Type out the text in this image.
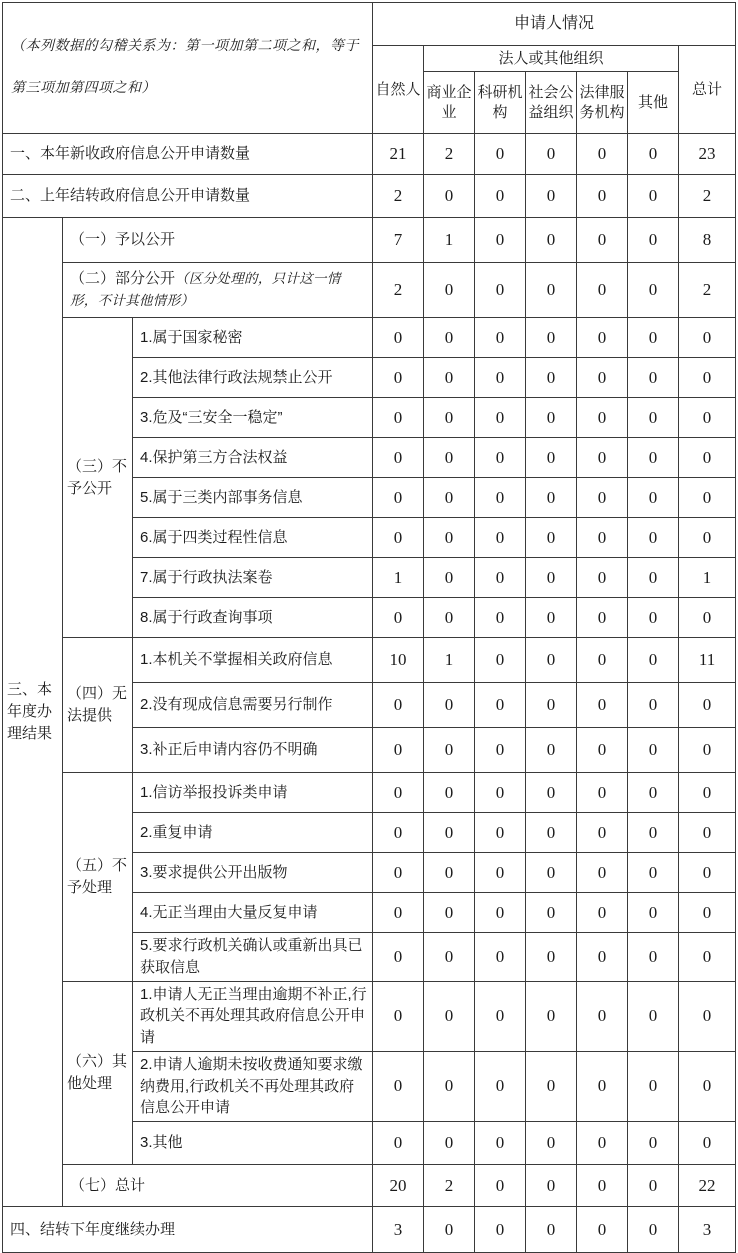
（本列数据的勾稽关系为：第一项加第二项之和，等于第三项加第四项之和）			申请人情况						
			自然人	法人或其他组织					总计
				商业企业	科研机构	社会公益组织	法律服务机构	其他	
一、本年新收政府信息公开申请数量			21	2	0	0	0	0	23
二、上年结转政府信息公开申请数量			2	0	0	0	0	0	2
三、本年度办理结果	（一）予以公开		7	1	0	0	0	0	8
	（二）部分公开（区分处理的，只计这一情形，不计其他情形）		2	0	0	0	0	0	2
	（三）不予公开	1.属于国家秘密	0	0	0	0	0	0	0
		2.其他法律行政法规禁止公开	0	0	0	0	0	0	0
		3.危及“三安全一稳定”	0	0	0	0	0	0	0
		4.保护第三方合法权益	0	0	0	0	0	0	0
		5.属于三类内部事务信息	0	0	0	0	0	0	0
		6.属于四类过程性信息	0	0	0	0	0	0	0
		7.属于行政执法案卷	1	0	0	0	0	0	1
		8.属于行政查询事项	0	0	0	0	0	0	0
	（四）无法提供	1.本机关不掌握相关政府信息	10	1	0	0	0	0	11
		2.没有现成信息需要另行制作	0	0	0	0	0	0	0
		3.补正后申请内容仍不明确	0	0	0	0	0	0	0
	（五）不予处理	1.信访举报投诉类申请	0	0	0	0	0	0	0
		2.重复申请	0	0	0	0	0	0	0
		3.要求提供公开出版物	0	0	0	0	0	0	0
		4.无正当理由大量反复申请	0	0	0	0	0	0	0
		5.要求行政机关确认或重新出具已获取信息	0	0	0	0	0	0	0
	（六）其他处理	1.申请人无正当理由逾期不补正,行政机关不再处理其政府信息公开申请	0	0	0	0	0	0	0
		2.申请人逾期未按收费通知要求缴纳费用,行政机关不再处理其政府信息公开申请	0	0	0	0	0	0	0
		3.其他	0	0	0	0	0	0	0
	（七）总计		20	2	0	0	0	0	22
四、结转下年度继续办理			3	0	0	0	0	0	3
